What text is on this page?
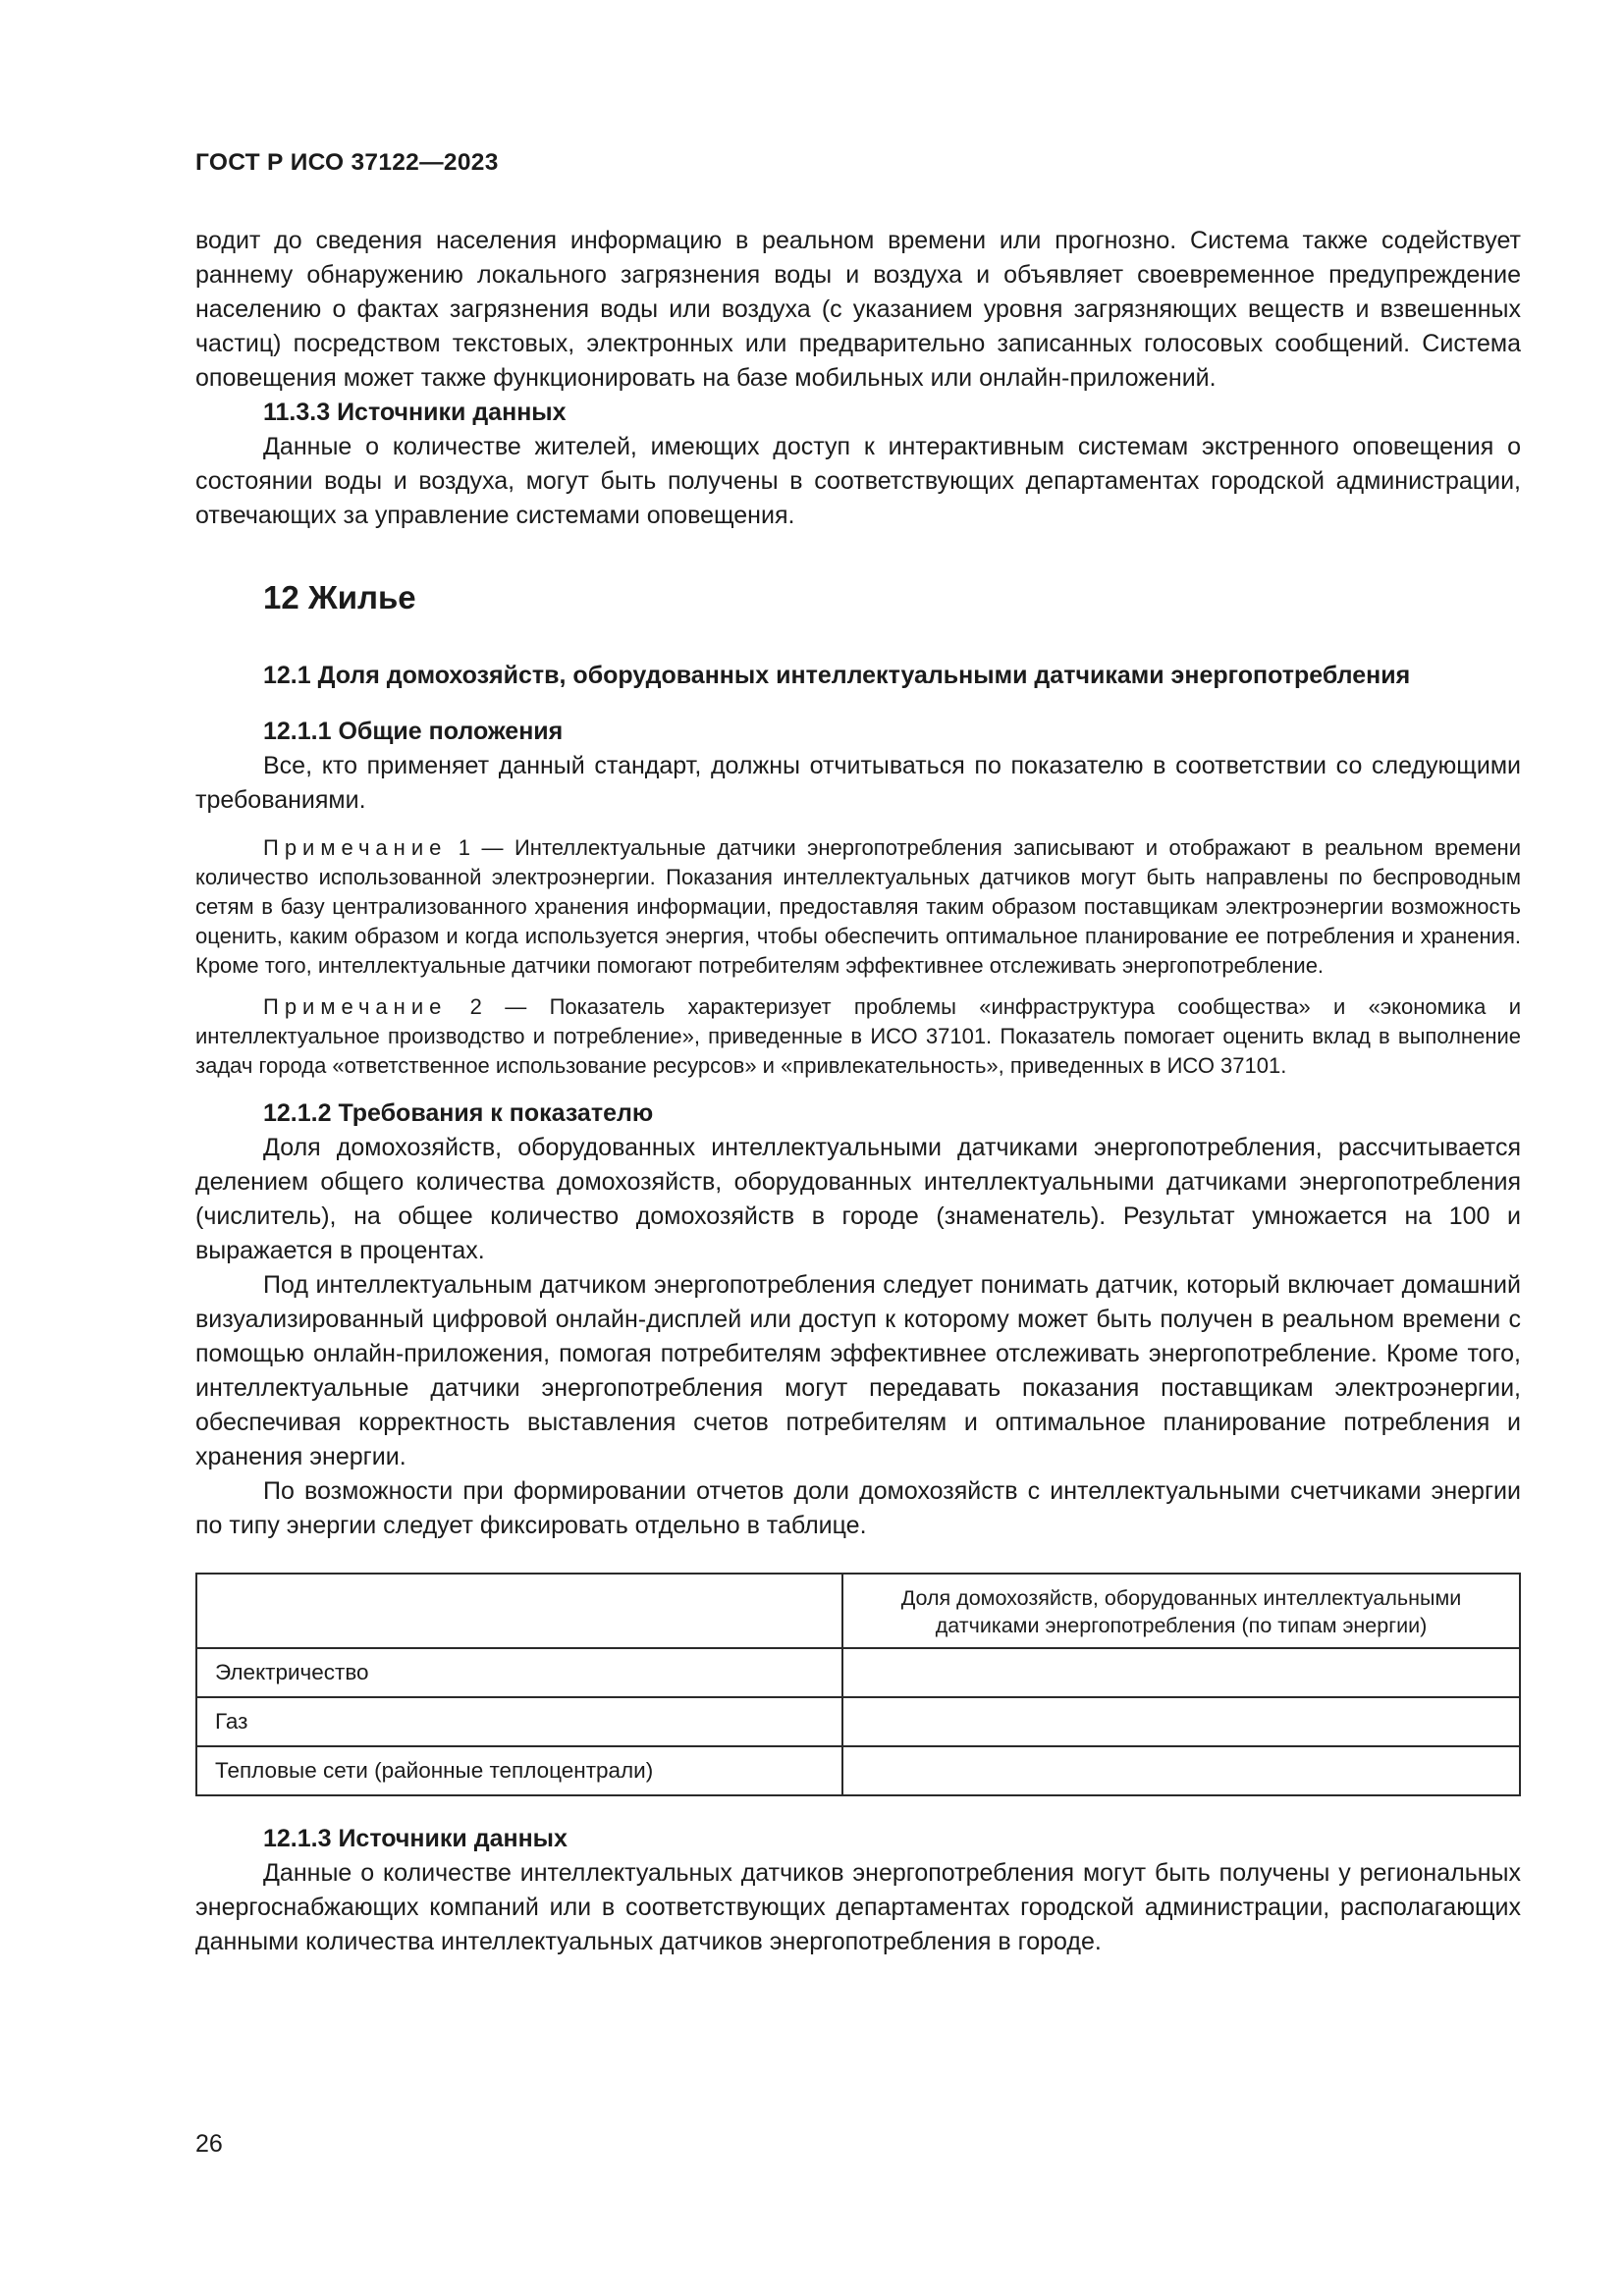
ГОСТ Р ИСО 37122—2023

водит до сведения населения информацию в реальном времени или прогнозно. Система также содействует раннему обнаружению локального загрязнения воды и воздуха и объявляет своевременное предупреждение населению о фактах загрязнения воды или воздуха (с указанием уровня загрязняющих веществ и взвешенных частиц) посредством текстовых, электронных или предварительно записанных голосовых сообщений. Система оповещения может также функционировать на базе мобильных или онлайн-приложений.

11.3.3 Источники данных

Данные о количестве жителей, имеющих доступ к интерактивным системам экстренного оповещения о состоянии воды и воздуха, могут быть получены в соответствующих департаментах городской администрации, отвечающих за управление системами оповещения.

12 Жилье
12.1 Доля домохозяйств, оборудованных интеллектуальными датчиками энергопотребления
12.1.1 Общие положения

Все, кто применяет данный стандарт, должны отчитываться по показателю в соответствии со следующими требованиями.

Примечание 1 — Интеллектуальные датчики энергопотребления записывают и отображают в реальном времени количество использованной электроэнергии. Показания интеллектуальных датчиков могут быть направлены по беспроводным сетям в базу централизованного хранения информации, предоставляя таким образом поставщикам электроэнергии возможность оценить, каким образом и когда используется энергия, чтобы обеспечить оптимальное планирование ее потребления и хранения. Кроме того, интеллектуальные датчики помогают потребителям эффективнее отслеживать энергопотребление.

Примечание 2 — Показатель характеризует проблемы «инфраструктура сообщества» и «экономика и интеллектуальное производство и потребление», приведенные в ИСО 37101. Показатель помогает оценить вклад в выполнение задач города «ответственное использование ресурсов» и «привлекательность», приведенных в ИСО 37101.

12.1.2 Требования к показателю

Доля домохозяйств, оборудованных интеллектуальными датчиками энергопотребления, рассчитывается делением общего количества домохозяйств, оборудованных интеллектуальными датчиками энергопотребления (числитель), на общее количество домохозяйств в городе (знаменатель). Результат умножается на 100 и выражается в процентах.

Под интеллектуальным датчиком энергопотребления следует понимать датчик, который включает домашний визуализированный цифровой онлайн-дисплей или доступ к которому может быть получен в реальном времени с помощью онлайн-приложения, помогая потребителям эффективнее отслеживать энергопотребление. Кроме того, интеллектуальные датчики энергопотребления могут передавать показания поставщикам электроэнергии, обеспечивая корректность выставления счетов потребителям и оптимальное планирование потребления и хранения энергии.

По возможности при формировании отчетов доли домохозяйств с интеллектуальными счетчиками энергии по типу энергии следует фиксировать отдельно в таблице.

	Доля домохозяйств, оборудованных интеллектуальными датчиками энергопотребления (по типам энергии)
Электричество	
Газ	
Тепловые сети (районные теплоцентрали)	
12.1.3 Источники данных

Данные о количестве интеллектуальных датчиков энергопотребления могут быть получены у региональных энергоснабжающих компаний или в соответствующих департаментах городской администрации, располагающих данными количества интеллектуальных датчиков энергопотребления в городе.

26
